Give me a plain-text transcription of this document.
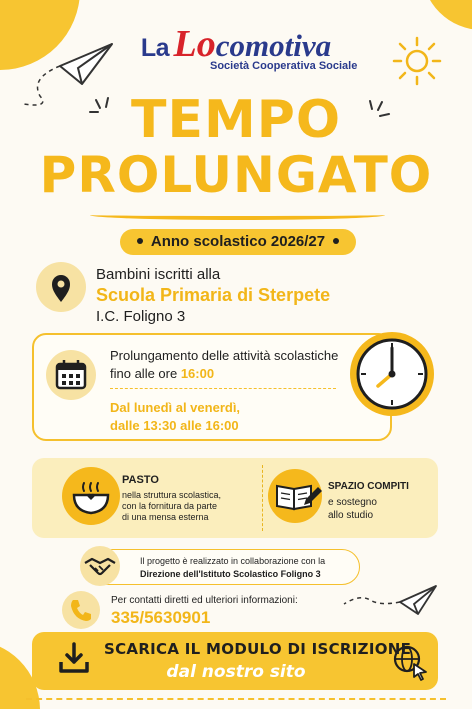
La Locomotiva
Società Cooperativa Sociale
TEMPO
PROLUNGATO
Anno scolastico 2026/27
Bambini iscritti alla
Scuola Primaria di Sterpete
I.C. Foligno 3
Prolungamento delle attività scolastiche
fino alle ore 16:00
Dal lunedì al venerdì,
dalle 13:30 alle 16:00
PASTO
nella struttura scolastica,
con la fornitura da parte
di una mensa esterna
SPAZIO COMPITI
e sostegno
allo studio
Il progetto è realizzato in collaborazione con la
Direzione dell'Istituto Scolastico Foligno 3
Per contatti diretti ed ulteriori informazioni:
335/5630901
SCARICA IL MODULO DI ISCRIZIONE
dal nostro sito
